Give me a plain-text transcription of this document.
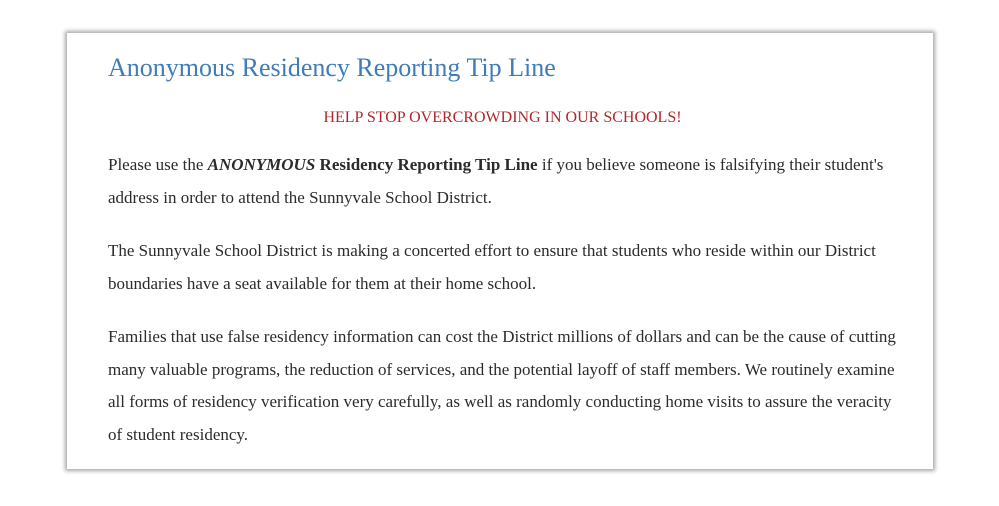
Anonymous Residency Reporting Tip Line

HELP STOP OVERCROWDING IN OUR SCHOOLS!

Please use the ANONYMOUS Residency Reporting Tip Line if you believe someone is falsifying their student's address in order to attend the Sunnyvale School District.

The Sunnyvale School District is making a concerted effort to ensure that students who reside within our District boundaries have a seat available for them at their home school.

Families that use false residency information can cost the District millions of dollars and can be the cause of cutting many valuable programs, the reduction of services, and the potential layoff of staff members. We routinely examine all forms of residency verification very carefully, as well as randomly conducting home visits to assure the veracity of student residency.
